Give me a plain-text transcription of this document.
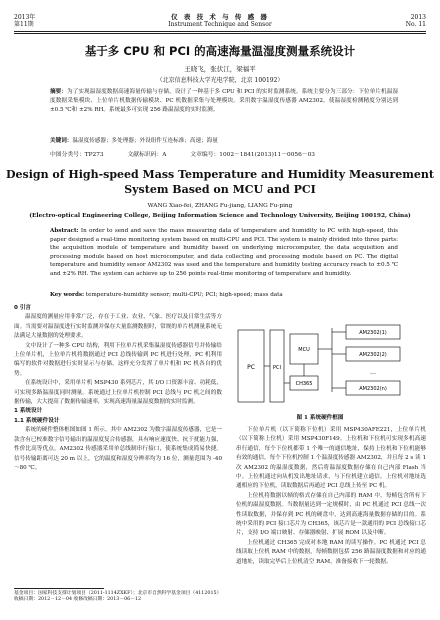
2013年
第11期
仪 表 技 术 与 传 感 器
Instrument Technique and Sensor
2013
No. 11
基于多 CPU 和 PCI 的高速海量温湿度测量系统设计
王晓飞，张伏江，梁福平
（北京信息科技大学光电学院，北京 100192）
摘要：为了实现温湿度数据高速海量传输与存储，设计了一种基于多 CPU 和 PCI 的实时监测系统。系统主要分为三部分：下位单片机温湿度数据采集模块、上位单片机数据传输模块、PC 机数据采集与处理模块。采用数字温湿度传感器 AM2302，使温湿度检测精度分别达到 ±0.5 ℃和 ±2% RH。系统最多可实现 256 路温湿度的实时监测。
关键词：温湿度传感器；多处理器；外设组件互连标准；高速；海量
中图分类号：TP273	文献标识码：A	文章编号：1002－1841(2013)11－0056－03
Design of High-speed Mass Temperature and Humidity Measurement
System Based on MCU and PCI
WANG Xiao-fei, ZHANG Fu-jiang, LIANG Fu-ping
(Electro-optical Engineering College, Beijing Information Science and Technology University, Beijing 100192, China)
Abstract: In order to send and save the mass measuring data of temperature and humidity to PC with high-speed, this paper designed a real-time monitoring system based on multi-CPU and PCI. The system is mainly divided into three parts: the acquisition module of temperature and humidity based on underlying microcomputer, the data acquisition and processing module based on host microcomputer, and data collecting and processing module based on PC. The digital temperature and humidity sensor AM2302 was used and the temperature and humidity testing accuracy reach to ±0.5 ℃ and ±2% RH. The system can achieve up to 256 points real-time monitoring of temperature and humidity.
Key words: temperature-humidity sensor; multi-CPU; PCI; high-speed; mass data

0 引言

温湿度的测量应用非常广泛，存在于工业、农业、气象、医疗以及日常生活等方面。当需要对温湿度进行实时监测并保存大量监测数据时，常规的单片机测量系统无法满足大量数据的处理要求。

文中设计了一种多 CPU 结构，利用下位单片机采集温湿度传感器信号并传输给上位单片机，上位单片机将数据通过 PCI 总线传输到 PC 机进行处理，PC 机利用编写的软件对数据进行实时显示与存储。这样充分发挥了单片机和 PC 机各自的优势。

在系统设计中，采用单片机 MSP430 系列芯片，其 I/O 口资源丰富、功耗低，可实现多路温湿度同时测量。系统通过上位单片机控制 PCI 总线与 PC 机之间的数据传输，大大提高了数据传输速率，实现高速海量温湿度数据的实时监测。

1 系统设计

1.1 系统硬件设计

系统的硬件整体框图如图 1 所示。其中 AM2302 为数字温湿度传感器，它是一款含有已校准数字信号输出的温湿度复合传感器，具有响应速度快、抗干扰能力强、性价比高等优点。AM2302 传感器采用单总线制串行接口，使系统集成简易快捷。信号传输距离可达 20 m 以上，它的温度和湿度分辨率均为 16 位，测量范围为 -40～80 ℃。

PC	PCI
CH365
MCU
AM2302(1)
AM2302(2)
…
AM2302(n)
图 1 系统硬件框图

下位单片机（以下简称下位机）采用 MSP430AFE221，上位单片机（以下简称上位机）采用 MSP430F149。上位机和下位机可实现多机高速串行通信，每个下位机都带 1 个唯一的通信地址，保持上位机和下位机能够有效的通信。每个下位机控制 1 个温湿度传感器 AM2302，并且每 2 s 读 1 次 AM2302 的温湿度数据，然后将温湿度数据存储在自己内部 Flash 当中。上位机通过向从机发出地址请求，与下位机建立通信。上位机对地址选通相应的下位机，读取数据后再通过 PCI 总线上传至 PC 机。

上位机将数据以帧的格式存储在自己内部的 RAM 中，每帧包含所有下位机的温湿度数据。当数据量达到一定规模时，由 PC 机通过 PCI 总线一次性读取数据，并保存到 PC 机的硬盘中，达到高速海量数据存储的目的。系统中采用的 PCI 接口芯片为 CH365，该芯片是一款通用的 PCI 总线接口芯片，支持 I/O 端口映射、存储器映射、扩展 ROM 以及中断。

上位机通过 CH365 完成对本地 RAM 的读写操作。PC 机通过 PCI 总线读取上位机 RAM 中的数据，每帧数据包括 256 路温湿度数据和对应的通道地址，读取完毕后上位机清空 RAM，准备接收下一轮数据。

基金项目：国家科技支撑计划项目（2011-1114ZXKF）；北京市自然科学基金项目（4112015）
收稿日期：2012－12－04 收修改稿日期：2013－06－12
